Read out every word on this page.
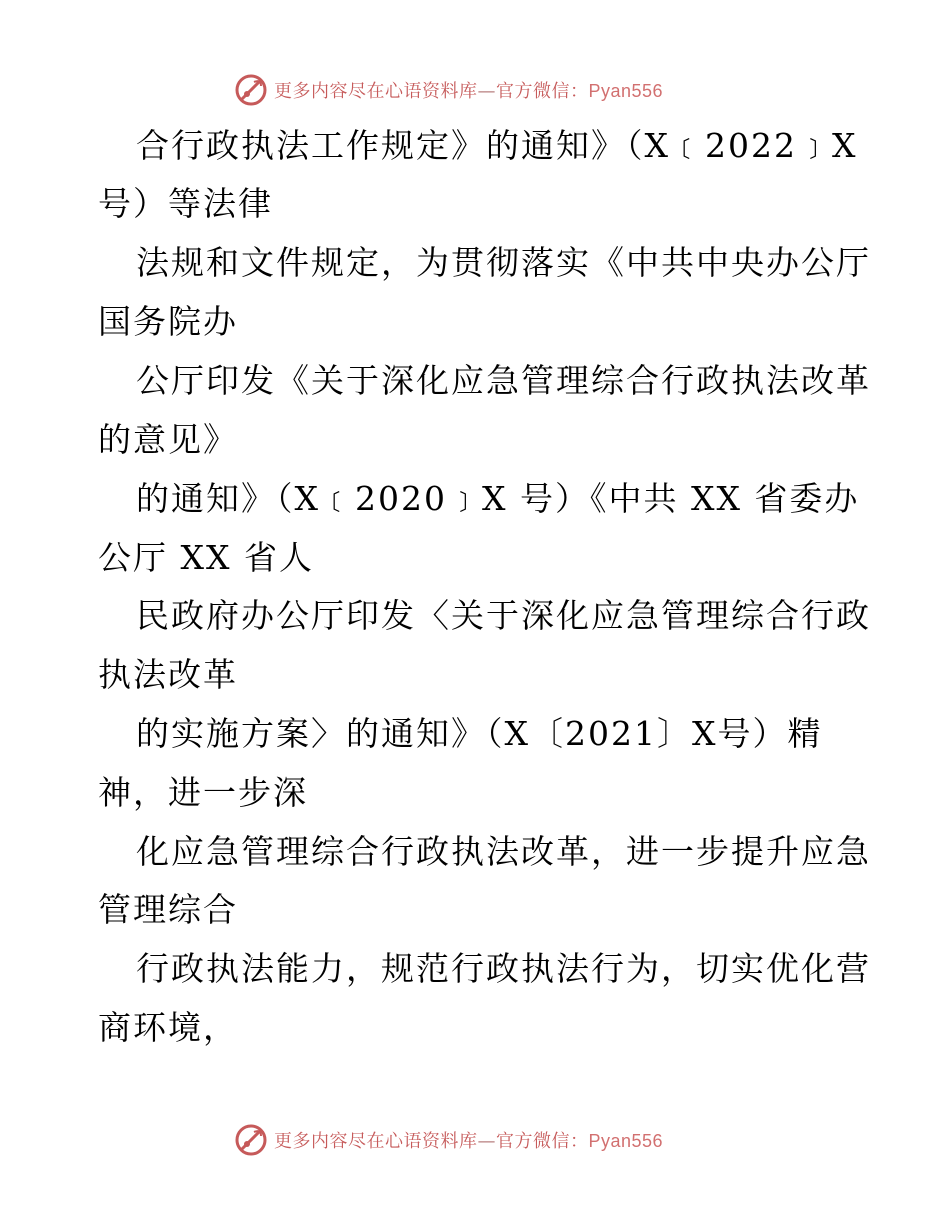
更多内容尽在心语资料库—官方微信：Pyan556
合行政执法工作规定》的通知》（X﹝2022﹞X
号）等法律
法规和文件规定，为贯彻落实《中共中央办公厅
国务院办
公厅印发《关于深化应急管理综合行政执法改革
的意见》
的通知》（X﹝2020﹞X 号）《中共 XX 省委办
公厅 XX 省人
民政府办公厅印发〈关于深化应急管理综合行政
执法改革
的实施方案〉的通知》（X〔2021〕X号）精
神，进一步深
化应急管理综合行政执法改革，进一步提升应急
管理综合
行政执法能力，规范行政执法行为，切实优化营
商环境，
更多内容尽在心语资料库—官方微信：Pyan556
